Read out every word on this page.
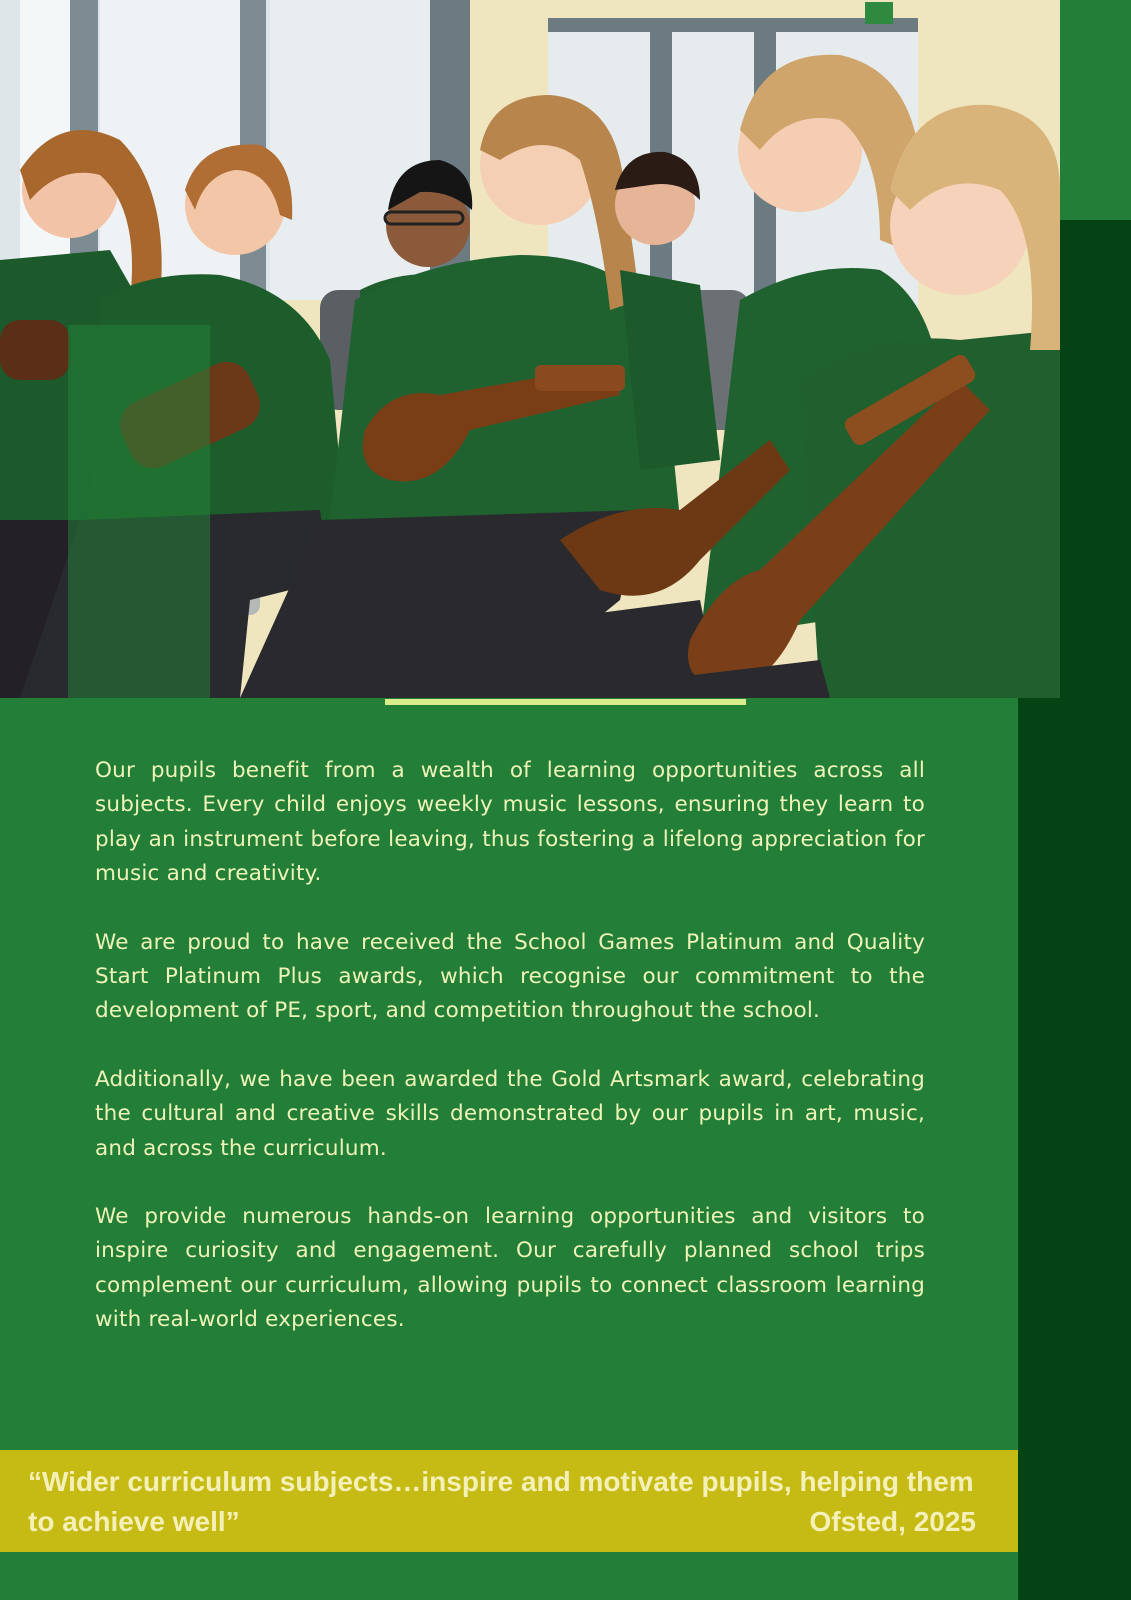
Our pupils benefit from a wealth of learning opportunities across all subjects. Every child enjoys weekly music lessons, ensuring they learn to play an instrument before leaving, thus fostering a lifelong appreciation for music and creativity.

We are proud to have received the School Games Platinum and Quality Start Platinum Plus awards, which recognise our commitment to the development of PE, sport, and competition throughout the school.

Additionally, we have been awarded the Gold Artsmark award, celebrating the cultural and creative skills demonstrated by our pupils in art, music, and across the curriculum.

We provide numerous hands-on learning opportunities and visitors to inspire curiosity and engagement. Our carefully planned school trips complement our curriculum, allowing pupils to connect classroom learning with real-world experiences.

“Wider curriculum subjects…inspire and motivate pupils, helping them to achieve well”	Ofsted, 2025
